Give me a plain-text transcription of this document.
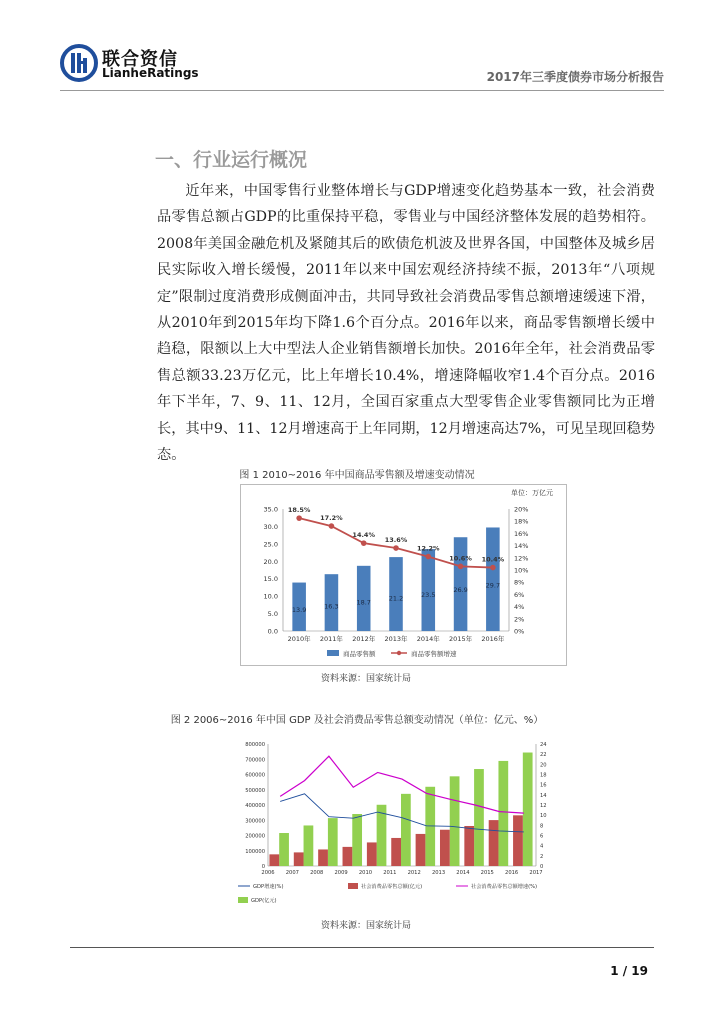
联合资信
LianheRatings	2017年三季度债券市场分析报告
一、行业运行概况
近年来，中国零售行业整体增长与GDP增速变化趋势基本一致，社会消费品零售总额占GDP的比重保持平稳，零售业与中国经济整体发展的趋势相符。2008年美国金融危机及紧随其后的欧债危机波及世界各国，中国整体及城乡居民实际收入增长缓慢，2011年以来中国宏观经济持续不振，2013年“八项规定”限制过度消费形成侧面冲击，共同导致社会消费品零售总额增速缓速下滑，从2010年到2015年均下降1.6个百分点。2016年以来，商品零售额增长缓中趋稳，限额以上大中型法人企业销售额增长加快。2016年全年，社会消费品零售总额33.23万亿元，比上年增长10.4%，增速降幅收窄1.4个百分点。2016年下半年，7、9、11、12月，全国百家重点大型零售企业零售额同比为正增长，其中9、11、12月增速高于上年同期，12月增速高达7%，可见呈现回稳势态。
图 1 2010~2016 年中国商品零售额及增速变动情况
单位：万亿元
35.0
30.0
25.0
20.0
15.0
10.0
5.0
0.0
20%
18%
16%
14%
12%
10%
8%
6%
4%
2%
0%
13.9
2010年
16.3
2011年
18.7
2012年
21.2
2013年
23.5
2014年
26.9
2015年
29.7
2016年
18.5%
17.2%
14.4%
13.6%
12.2%
10.6% 10.4%
商品零售额	商品零售额增速
资料来源：国家统计局
图 2 2006~2016 年中国 GDP 及社会消费品零售总额变动情况（单位：亿元、%）
800000
700000
600000
500000
400000
300000
200000
100000
0
24
22
20
18
16
14
12
10
8
6
4
2
0
2006 2007 2008 2009 2010 2011 2012 2013 2014 2015 2016 2017
GDP增速(%)	社会消费品零售总额(亿元)	社会消费品零售总额增速(%)
GDP(亿元)
资料来源：国家统计局
1 / 19
